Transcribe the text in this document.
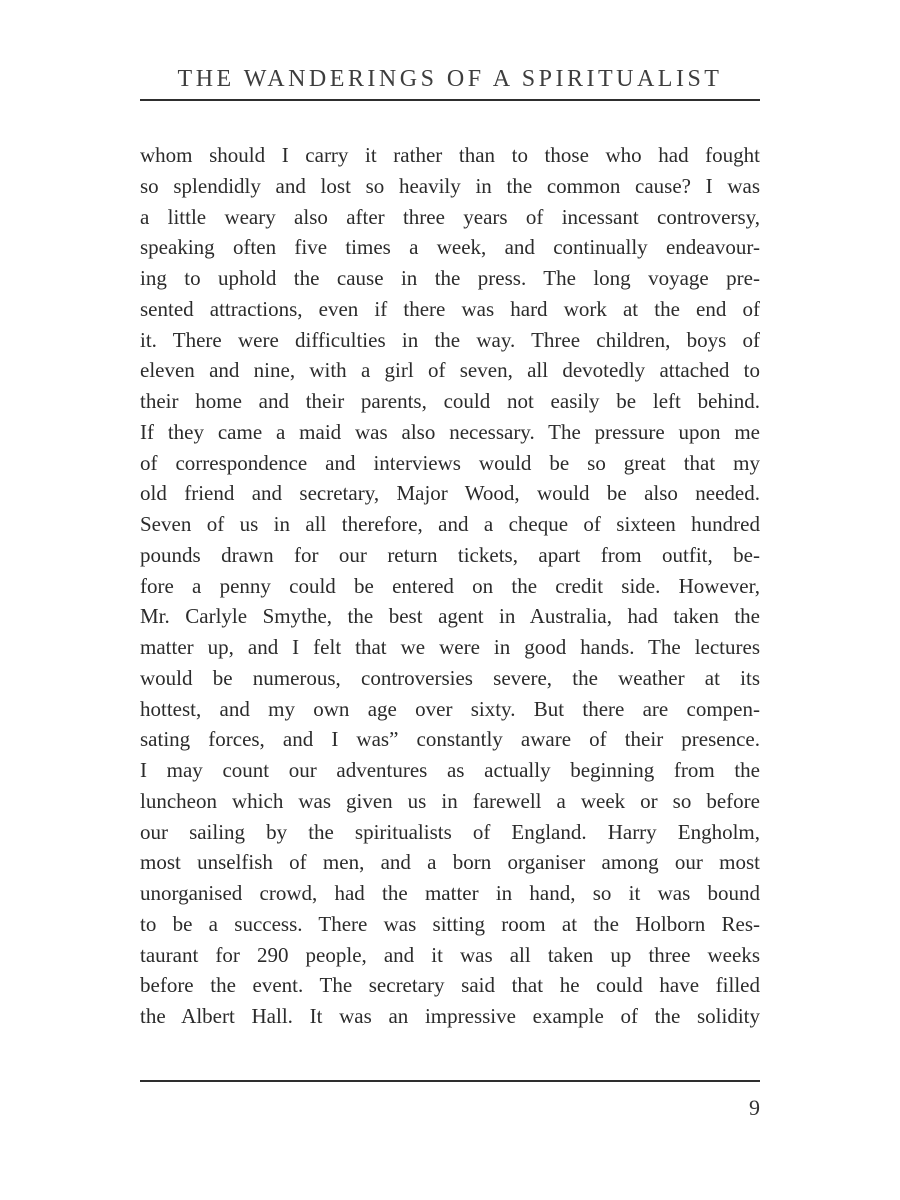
THE WANDERINGS OF A SPIRITUALIST
whom should I carry it rather than to those who had fought
so splendidly and lost so heavily in the common cause? I was
a little weary also after three years of incessant controversy,
speaking often five times a week, and continually endeavour-
ing to uphold the cause in the press. The long voyage pre-
sented attractions, even if there was hard work at the end of
it. There were difficulties in the way. Three children, boys of
eleven and nine, with a girl of seven, all devotedly attached to
their home and their parents, could not easily be left behind.
If they came a maid was also necessary. The pressure upon me
of correspondence and interviews would be so great that my
old friend and secretary, Major Wood, would be also needed.
Seven of us in all therefore, and a cheque of sixteen hundred
pounds drawn for our return tickets, apart from outfit, be-
fore a penny could be entered on the credit side. However,
Mr. Carlyle Smythe, the best agent in Australia, had taken the
matter up, and I felt that we were in good hands. The lectures
would be numerous, controversies severe, the weather at its
hottest, and my own age over sixty. But there are compen-
sating forces, and I was” constantly aware of their presence.
I may count our adventures as actually beginning from the
luncheon which was given us in farewell a week or so before
our sailing by the spiritualists of England. Harry Engholm,
most unselfish of men, and a born organiser among our most
unorganised crowd, had the matter in hand, so it was bound
to be a success. There was sitting room at the Holborn Res-
taurant for 290 people, and it was all taken up three weeks
before the event. The secretary said that he could have filled
the Albert Hall. It was an impressive example of the solidity
9
